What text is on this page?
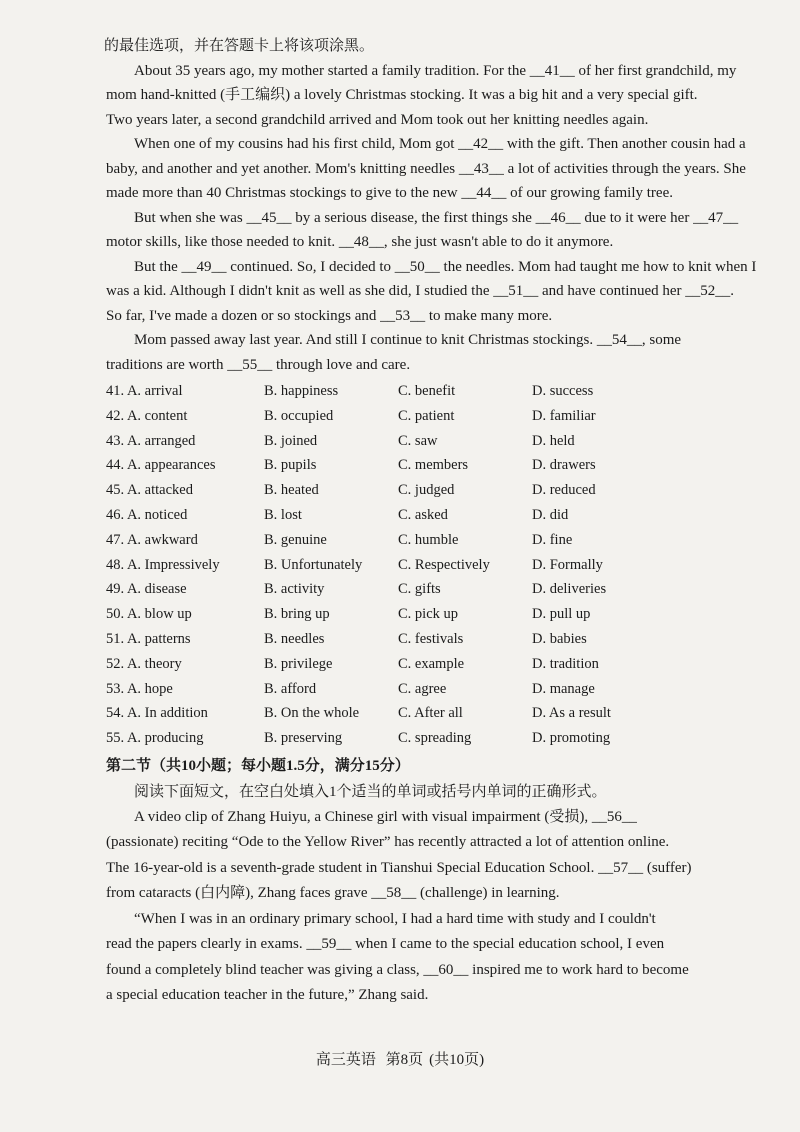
的最佳选项，并在答题卡上将该项涂黑。
About 35 years ago, my mother started a family tradition. For the __41__ of her first grandchild, my
mom hand-knitted (手工编织) a lovely Christmas stocking. It was a big hit and a very special gift.
Two years later, a second grandchild arrived and Mom took out her knitting needles again.
When one of my cousins had his first child, Mom got __42__ with the gift. Then another cousin had a
baby, and another and yet another. Mom's knitting needles __43__ a lot of activities through the years. She
made more than 40 Christmas stockings to give to the new __44__ of our growing family tree.
But when she was __45__ by a serious disease, the first things she __46__ due to it were her __47__
motor skills, like those needed to knit. __48__, she just wasn't able to do it anymore.
But the __49__ continued. So, I decided to __50__ the needles. Mom had taught me how to knit when I
was a kid. Although I didn't knit as well as she did, I studied the __51__ and have continued her __52__.
So far, I've made a dozen or so stockings and __53__ to make many more.
Mom passed away last year. And still I continue to knit Christmas stockings. __54__, some
traditions are worth __55__ through love and care.
41. A. arrival	B. happiness	C. benefit	D. success
42. A. content	B. occupied	C. patient	D. familiar
43. A. arranged	B. joined	C. saw	D. held
44. A. appearances	B. pupils	C. members	D. drawers
45. A. attacked	B. heated	C. judged	D. reduced
46. A. noticed	B. lost	C. asked	D. did
47. A. awkward	B. genuine	C. humble	D. fine
48. A. Impressively	B. Unfortunately	C. Respectively	D. Formally
49. A. disease	B. activity	C. gifts	D. deliveries
50. A. blow up	B. bring up	C. pick up	D. pull up
51. A. patterns	B. needles	C. festivals	D. babies
52. A. theory	B. privilege	C. example	D. tradition
53. A. hope	B. afford	C. agree	D. manage
54. A. In addition	B. On the whole	C. After all	D. As a result
55. A. producing	B. preserving	C. spreading	D. promoting
第二节（共10小题；每小题1.5分，满分15分）
阅读下面短文，在空白处填入1个适当的单词或括号内单词的正确形式。
A video clip of Zhang Huiyu, a Chinese girl with visual impairment (受损), __56__
(passionate) reciting “Ode to the Yellow River” has recently attracted a lot of attention online.
The 16-year-old is a seventh-grade student in Tianshui Special Education School. __57__ (suffer)
from cataracts (白内障), Zhang faces grave __58__ (challenge) in learning.
“When I was in an ordinary primary school, I had a hard time with study and I couldn't
read the papers clearly in exams. __59__ when I came to the special education school, I even
found a completely blind teacher was giving a class, __60__ inspired me to work hard to become
a special education teacher in the future,” Zhang said.
高三英语 第8页 (共10页)
